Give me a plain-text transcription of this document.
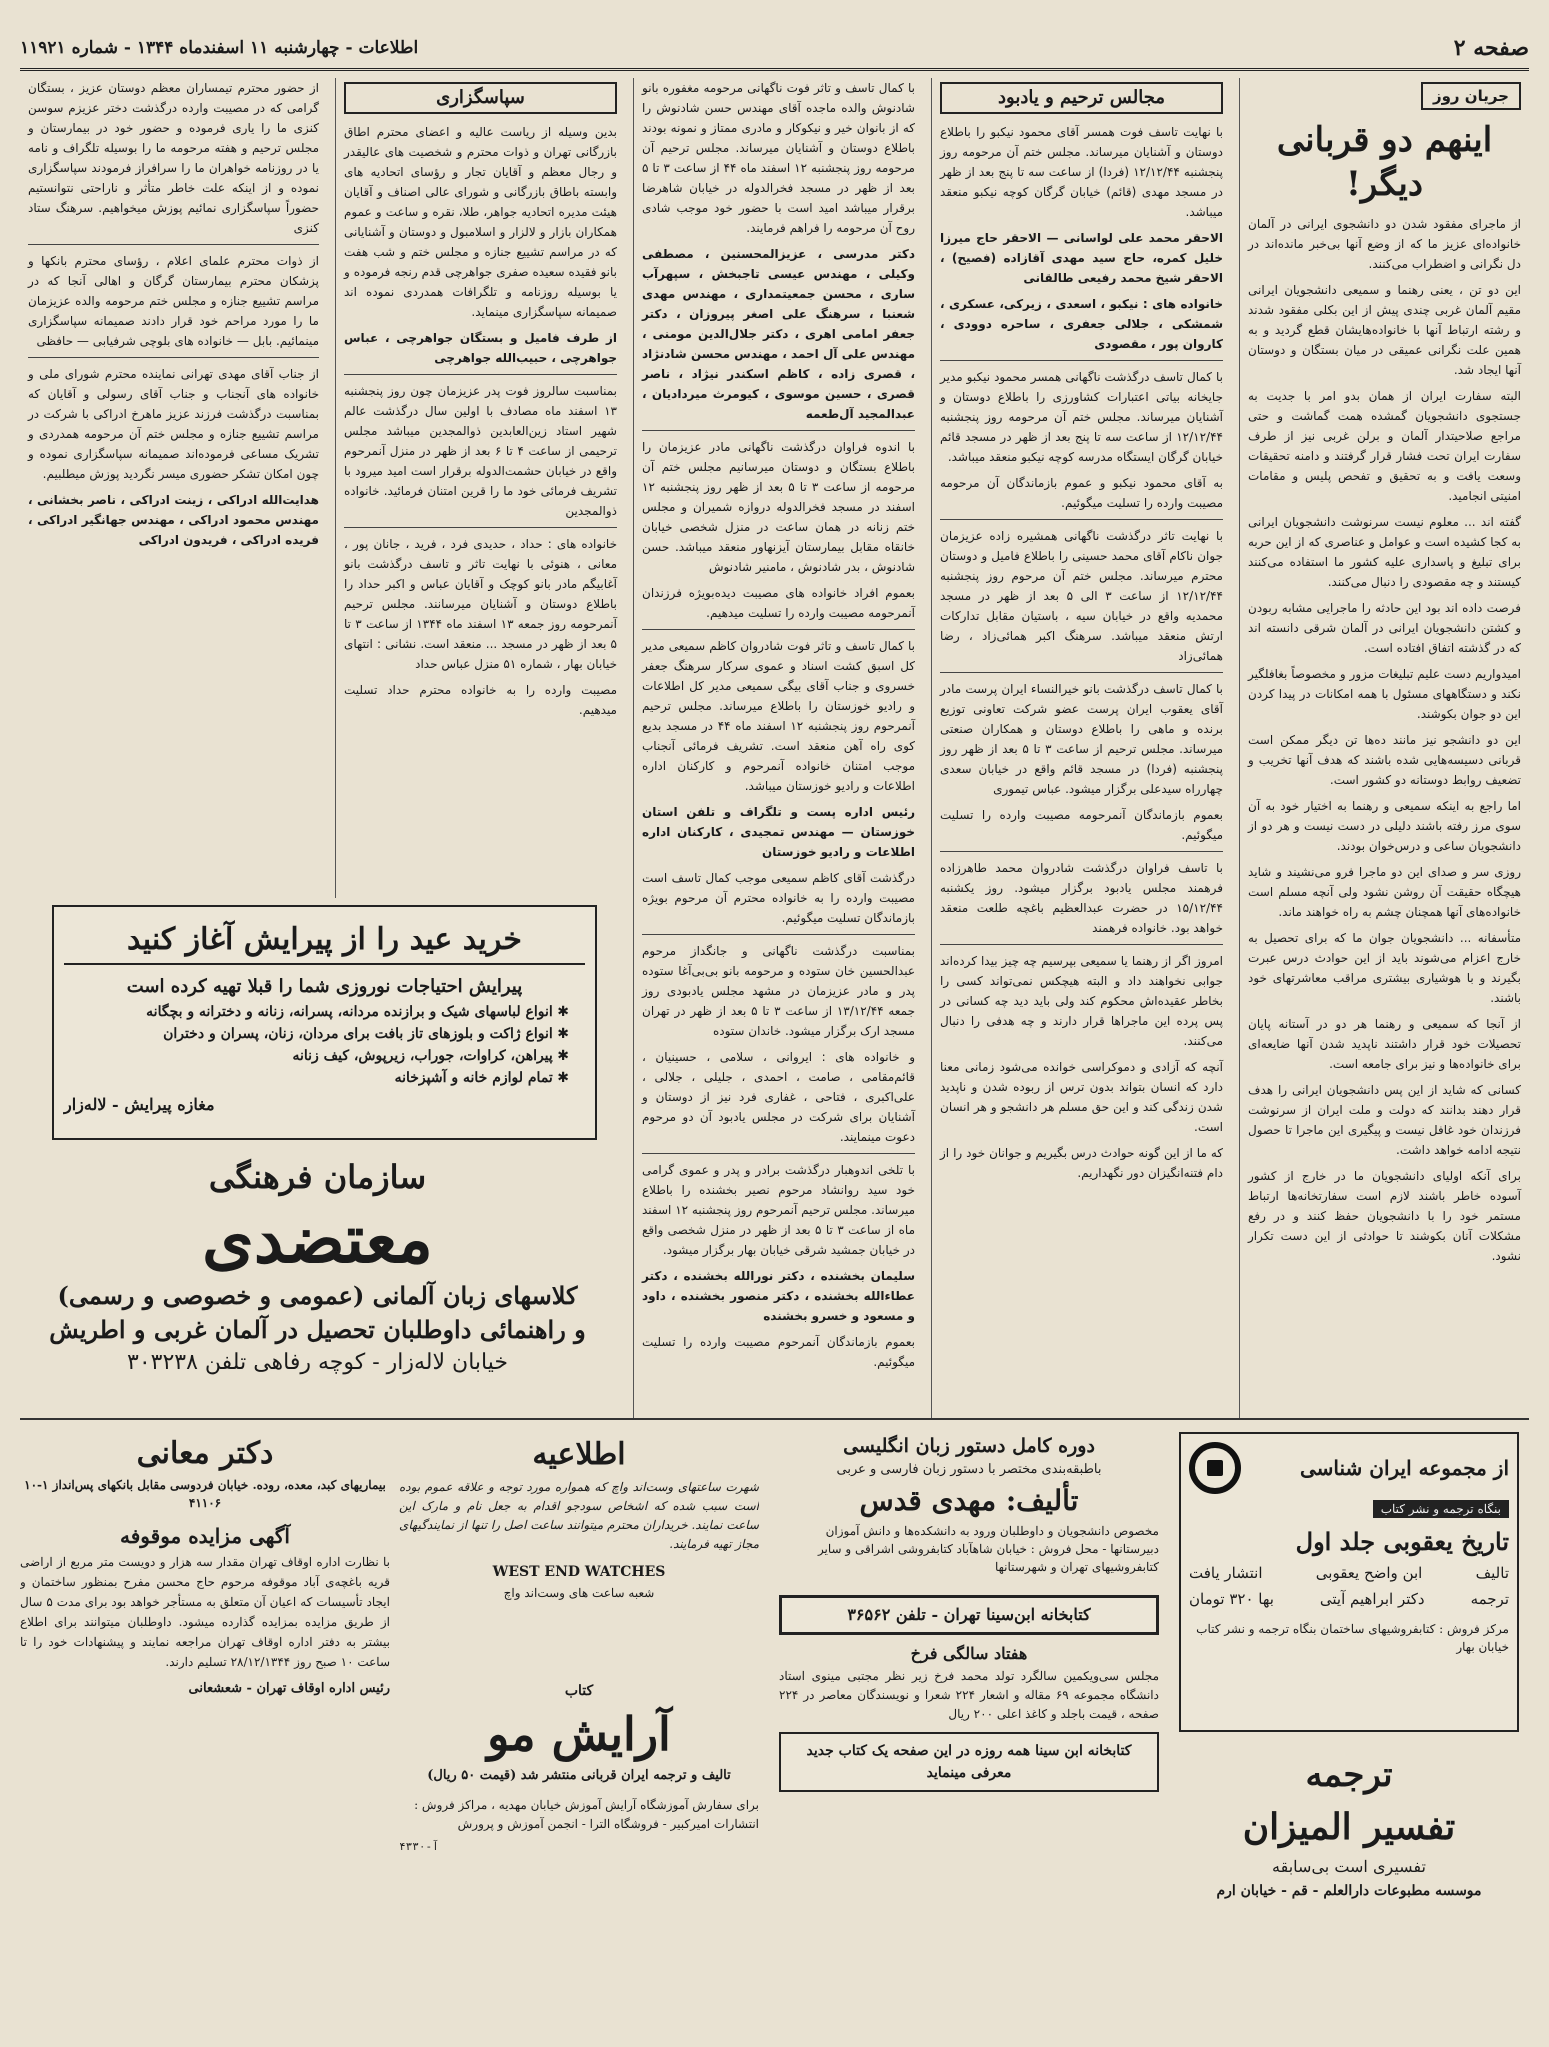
صفحه ۲
اطلاعات - چهارشنبه ۱۱ اسفندماه ۱۳۴۴ - شماره ۱۱۹۲۱
جریان روز
اینهم دو قربانی دیگر!

از ماجرای مفقود شدن دو دانشجوی ایرانی در آلمان خانواده‌ای عزیز ما که از وضع آنها بی‌خبر مانده‌اند در دل نگرانی و اضطراب می‌کنند.

این دو تن ، یعنی رهنما و سمیعی دانشجویان ایرانی مقیم آلمان غربی چندی پیش از این بکلی مفقود شدند و رشته ارتباط آنها با خانواده‌هایشان قطع گردید و به همین علت نگرانی عمیقی در میان بستگان و دوستان آنها ایجاد شد.

البته سفارت ایران از همان بدو امر با جدیت به جستجوی دانشجویان گمشده همت گماشت و حتی مراجع صلاحیتدار آلمان و برلن غربی نیز از طرف سفارت ایران تحت فشار قرار گرفتند و دامنه تحقیقات وسعت یافت و به تحقیق و تفحص پلیس و مقامات امنیتی انجامید.

گفته اند ... معلوم نیست سرنوشت دانشجویان ایرانی به کجا کشیده است و عوامل و عناصری که از این حربه برای تبلیغ و پاسداری علیه کشور ما استفاده می‌کنند کیستند و چه مقصودی را دنبال می‌کنند.

فرصت داده اند بود این حادثه را ماجرایی مشابه ربودن و کشتن دانشجویان ایرانی در آلمان شرقی دانسته اند که در گذشته اتفاق افتاده است.

امیدواریم دست علیم تبلیغات مزور و مخصوصاً بغافلگیر نکند و دستگاههای مسئول با همه امکانات در پیدا کردن این دو جوان بکوشند.

این دو دانشجو نیز مانند ده‌ها تن دیگر ممکن است قربانی دسیسه‌هایی شده باشند که هدف آنها تخریب و تضعیف روابط دوستانه دو کشور است.

اما راجع به اینکه سمیعی و رهنما به اختیار خود به آن سوی مرز رفته باشند دلیلی در دست نیست و هر دو از دانشجویان ساعی و درس‌خوان بودند.

روزی سر و صدای این دو ماجرا فرو می‌نشیند و شاید هیچگاه حقیقت آن روشن نشود ولی آنچه مسلم است خانواده‌های آنها همچنان چشم به راه خواهند ماند.

متأسفانه ... دانشجویان جوان ما که برای تحصیل به خارج اعزام می‌شوند باید از این حوادث درس عبرت بگیرند و با هوشیاری بیشتری مراقب معاشرتهای خود باشند.

از آنجا که سمیعی و رهنما هر دو در آستانه پایان تحصیلات خود قرار داشتند ناپدید شدن آنها ضایعه‌ای برای خانواده‌ها و نیز برای جامعه است.

کسانی که شاید از این پس دانشجویان ایرانی را هدف قرار دهند بدانند که دولت و ملت ایران از سرنوشت فرزندان خود غافل نیست و پیگیری این ماجرا تا حصول نتیجه ادامه خواهد داشت.

برای آنکه اولیای دانشجویان ما در خارج از کشور آسوده خاطر باشند لازم است سفارتخانه‌ها ارتباط مستمر خود را با دانشجویان حفظ کنند و در رفع مشکلات آنان بکوشند تا حوادثی از این دست تکرار نشود.

مجالس ترحیم و یادبود

با نهایت تاسف فوت همسر آقای محمود نیکبو را باطلاع دوستان و آشنایان میرساند. مجلس ختم آن مرحومه روز پنجشنبه ۱۲/۱۲/۴۴ (فردا) از ساعت سه تا پنج بعد از ظهر در مسجد مهدی (قائم) خیابان گرگان کوچه نیکبو منعقد میباشد.

الاحقر محمد علی لواسانی — الاحقر حاج میرزا خلیل کمره، حاج سید مهدی آقازاده (فصیح) ، الاحقر شیخ محمد رفیعی طالقانی

خانواده های : نیکبو ، اسعدی ، زیرکی، عسکری ، شمشکی ، جلالی جعفری ، ساحره دوودی ، کاروان پور ، مقصودی

با کمال تاسف درگذشت ناگهانی همسر محمود نیکبو مدیر جایخانه بیاتی اعتبارات کشاورزی را باطلاع دوستان و آشنایان میرساند. مجلس ختم آن مرحومه روز پنجشنبه ۱۲/۱۲/۴۴ از ساعت سه تا پنج بعد از ظهر در مسجد قائم خیابان گرگان ایستگاه مدرسه کوچه نیکبو منعقد میباشد.

به آقای محمود نیکبو و عموم بازماندگان آن مرحومه مصیبت وارده را تسلیت میگوئیم.

با نهایت تاثر درگذشت ناگهانی همشیره زاده عزیزمان جوان ناکام آقای محمد حسینی را باطلاع فامیل و دوستان محترم میرساند. مجلس ختم آن مرحوم روز پنجشنبه ۱۲/۱۲/۴۴ از ساعت ۳ الی ۵ بعد از ظهر در مسجد محمدیه واقع در خیابان سیه ، باستیان مقابل تدارکات ارتش منعقد میباشد. سرهنگ اکبر همائی‌زاد ، رضا همائی‌زاد

با کمال تاسف درگذشت بانو خیرالنساء ایران پرست مادر آقای یعقوب ایران پرست عضو شرکت تعاونی توزیع برنده و ماهی را باطلاع دوستان و همکاران صنعتی میرساند. مجلس ترحیم از ساعت ۳ تا ۵ بعد از ظهر روز پنجشنبه (فردا) در مسجد قائم واقع در خیابان سعدی چهارراه سیدعلی برگزار میشود. عباس تیموری

بعموم بازماندگان آنمرحومه مصیبت وارده را تسلیت میگوئیم.

با تاسف فراوان درگذشت شادروان محمد طاهرزاده فرهمند مجلس یادبود برگزار میشود. روز یکشنبه ۱۵/۱۲/۴۴ در حضرت عبدالعظیم باغچه طلعت منعقد خواهد بود. خانواده فرهمند

امروز اگر از رهنما یا سمیعی بپرسیم چه چیز بیدا کرده‌اند جوابی نخواهند داد و البته هیچکس نمی‌تواند کسی را بخاطر عقیده‌اش محکوم کند ولی باید دید چه کسانی در پس پرده این ماجراها قرار دارند و چه هدفی را دنبال می‌کنند.

آنچه که آزادی و دموکراسی خوانده می‌شود زمانی معنا دارد که انسان بتواند بدون ترس از ربوده شدن و ناپدید شدن زندگی کند و این حق مسلم هر دانشجو و هر انسان است.

که ما از این گونه حوادث درس بگیریم و جوانان خود را از دام فتنه‌انگیزان دور نگهداریم.

با کمال تاسف و تاثر فوت ناگهانی مرحومه مغفوره بانو شادنوش والده ماجده آقای مهندس حسن شادنوش را که از بانوان خیر و نیکوکار و مادری ممتاز و نمونه بودند باطلاع دوستان و آشنایان میرساند. مجلس ترحیم آن مرحومه روز پنجشنبه ۱۲ اسفند ماه ۴۴ از ساعت ۳ تا ۵ بعد از ظهر در مسجد فخرالدوله در خیابان شاهرضا برقرار میباشد امید است با حضور خود موجب شادی روح آن مرحومه را فراهم فرمایند.

دکتر مدرسی ، عزیزالمحسنین ، مصطفی وکیلی ، مهندس عیسی تاجبخش ، سپهرآب ساری ، محسن جمعیتمداری ، مهندس مهدی شعنبا ، سرهنگ علی اصغر پیروزان ، دکتر جعفر امامی اهری ، دکتر جلال‌الدین مومنی ، مهندس علی آل احمد ، مهندس محسن شادنژاد ، قصری زاده ، کاظم اسکندر نیژاد ، ناصر قصری ، حسین موسوی ، کیومرث میردادیان ، عبدالمجید آل‌طعمه

با اندوه فراوان درگذشت ناگهانی مادر عزیزمان را باطلاع بستگان و دوستان میرسانیم مجلس ختم آن مرحومه از ساعت ۳ تا ۵ بعد از ظهر روز پنجشنبه ۱۲ اسفند در مسجد فخرالدوله دروازه شمیران و مجلس ختم زنانه در همان ساعت در منزل شخصی خیابان خانقاه مقابل بیمارستان آیزنهاور منعقد میباشد. حسن شادنوش ، بدر شادنوش ، مامنیر شادنوش

بعموم افراد خانواده های مصیبت دیده‌بویژه فرزندان آنمرحومه مصیبت وارده را تسلیت میدهیم.

با کمال تاسف و تاثر فوت شادروان کاظم سمیعی مدیر کل اسبق کشت اسناد و عموی سرکار سرهنگ جعفر خسروی و جناب آقای بیگی سمیعی مدیر کل اطلاعات و رادیو خوزستان را باطلاع میرساند. مجلس ترحیم آنمرحوم روز پنجشنبه ۱۲ اسفند ماه ۴۴ در مسجد بدیع کوی راه آهن منعقد است. تشریف فرمائی آنجناب موجب امتنان خانواده آنمرحوم و کارکنان اداره اطلاعات و رادیو خوزستان میباشد.

رئیس اداره پست و تلگراف و تلفن استان خوزستان — مهندس تمجیدی ، کارکنان اداره اطلاعات و رادیو خوزستان

درگذشت آقای کاظم سمیعی موجب کمال تاسف است مصیبت وارده را به خانواده محترم آن مرحوم بویژه بازماندگان تسلیت میگوئیم.

بمناسبت درگذشت ناگهانی و جانگداز مرحوم عبدالحسین خان ستوده و مرحومه بانو بی‌بی‌آغا ستوده پدر و مادر عزیزمان در مشهد مجلس یادبودی روز جمعه ۱۳/۱۲/۴۴ از ساعت ۳ تا ۵ بعد از ظهر در تهران مسجد ارک برگزار میشود. خاندان ستوده

و خانواده های : ایروانی ، سلامی ، حسینیان ، قائم‌مقامی ، صامت ، احمدی ، جلیلی ، جلالی ، علی‌اکبری ، فتاحی ، غفاری فرد نیز از دوستان و آشنایان برای شرکت در مجلس یادبود آن دو مرحوم دعوت مینمایند.

با تلخی اندوهبار درگذشت برادر و پدر و عموی گرامی خود سید روانشاد مرحوم نصیر بخشنده را باطلاع میرساند. مجلس ترحیم آنمرحوم روز پنجشنبه ۱۲ اسفند ماه از ساعت ۳ تا ۵ بعد از ظهر در منزل شخصی واقع در خیابان جمشید شرقی خیابان بهار برگزار میشود.

سلیمان بخشنده ، دکتر نورالله بخشنده ، دکتر عطاءالله بخشنده ، دکتر منصور بخشنده ، داود و مسعود و خسرو بخشنده

بعموم بازماندگان آنمرحوم مصیبت وارده را تسلیت میگوئیم.

سپاسگزاری

بدین وسیله از ریاست عالیه و اعضای محترم اطاق بازرگانی تهران و ذوات محترم و شخصیت های عالیقدر و رجال معظم و آقایان تجار و رؤسای اتحادیه های وابسته باطاق بازرگانی و شورای عالی اصناف و آقایان هیئت مدیره اتحادیه جواهر، طلا، نقره و ساعت و عموم همکاران بازار و لالزار و اسلامبول و دوستان و آشنایانی که در مراسم تشییع جنازه و مجلس ختم و شب هفت بانو فقیده سعیده صفری جواهرچی قدم رنجه فرموده و یا بوسیله روزنامه و تلگرافات همدردی نموده اند صمیمانه سپاسگزاری مینماید.

از طرف فامیل و بستگان جواهرچی ، عباس جواهرچی ، حبیب‌الله جواهرچی

بمناسبت سالروز فوت پدر عزیزمان چون روز پنجشنبه ۱۳ اسفند ماه مصادف با اولین سال درگذشت عالم شهیر استاد زین‌العابدین ذوالمجدین میباشد مجلس ترحیمی از ساعت ۴ تا ۶ بعد از ظهر در منزل آنمرحوم واقع در خیابان حشمت‌الدوله برقرار است امید میرود با تشریف فرمائی خود ما را قرین امتنان فرمائید. خانواده ذوالمجدین

خانواده های : حداد ، حدیدی فرد ، فرید ، جانان پور ، معانی ، هنوئی با نهایت تاثر و تاسف درگذشت بانو آغابیگم مادر بانو کوچک و آقایان عباس و اکبر حداد را باطلاع دوستان و آشنایان میرسانند. مجلس ترحیم آنمرحومه روز جمعه ۱۳ اسفند ماه ۱۳۴۴ از ساعت ۳ تا ۵ بعد از ظهر در مسجد ... منعقد است. نشانی : انتهای خیابان بهار ، شماره ۵۱ منزل عباس حداد

مصیبت وارده را به خانواده محترم حداد تسلیت میدهیم.

از حضور محترم تیمساران معظم دوستان عزیز ، بستگان گرامی که در مصیبت وارده درگذشت دختر عزیزم سوسن کنزی ما را یاری فرموده و حضور خود در بیمارستان و مجلس ترحیم و هفته مرحومه ما را بوسیله تلگراف و نامه یا در روزنامه خواهران ما را سرافراز فرمودند سپاسگزاری نموده و از اینکه علت خاطر متأثر و ناراحتی نتوانستیم حضوراً سپاسگزاری نمائیم پوزش میخواهیم. سرهنگ ستاد کنزی

از ذوات محترم علمای اعلام ، رؤسای محترم بانکها و پزشکان محترم بیمارستان گرگان و اهالی آنجا که در مراسم تشییع جنازه و مجلس ختم مرحومه والده عزیزمان ما را مورد مراحم خود قرار دادند صمیمانه سپاسگزاری مینمائیم. بابل — خانواده های بلوچی شرفیابی — حافظی

از جناب آقای مهدی تهرانی نماینده محترم شورای ملی و خانواده های آنجناب و جناب آقای رسولی و آقایان که بمناسبت درگذشت فرزند عزیز ماهرخ ادراکی با شرکت در مراسم تشییع جنازه و مجلس ختم آن مرحومه همدردی و تشریک مساعی فرموده‌اند صمیمانه سپاسگزاری نموده و چون امکان تشکر حضوری میسر نگردید پوزش میطلبیم.

هدایت‌الله ادراکی ، زینت ادراکی ، ناصر بخشانی ، مهندس محمود ادراکی ، مهندس جهانگیر ادراکی ، فریده ادراکی ، فریدون ادراکی

خرید عید را از پیرایش آغاز کنید
پیرایش احتیاجات نوروزی شما را قبلا تهیه کرده است
✱ انواع لباسهای شیک و برازنده مردانه، پسرانه، زنانه و دخترانه و بچگانه
✱ انواع ژاکت و بلوزهای تاز بافت برای مردان، زنان، پسران و دختران
✱ پیراهن، کراوات، جوراب، زیرپوش، کیف زنانه
✱ تمام لوازم خانه و آشپزخانه
مغازه پیرایش - لاله‌زار
سازمان فرهنگی
معتضدی
کلاسهای زبان آلمانی (عمومی و خصوصی و رسمی)
و راهنمائی داوطلبان تحصیل در آلمان غربی و اطریش
خیابان لاله‌زار - کوچه رفاهی تلفن ۳۰۳۲۳۸
از مجموعه ایران شناسی
بنگاه ترجمه و نشر کتاب
تاریخ یعقوبی جلد اول
تالیف
ابن واضح یعقوبی
انتشار یافت
ترجمه
دکتر ابراهیم آیتی
بها ۳۲۰ تومان
مرکز فروش : کتابفروشیهای ساختمان بنگاه ترجمه و نشر کتاب خیابان بهار
ترجمه
تفسیر المیزان
تفسیری است بی‌سابقه
موسسه مطبوعات دارالعلم - قم - خیابان ارم
دوره کامل دستور زبان انگلیسی
باطبقه‌بندی مختصر با دستور زبان فارسی و عربی
تألیف: مهدی قدس
مخصوص دانشجویان و داوطلبان ورود به دانشکده‌ها و دانش آموزان دبیرستانها - محل فروش : خیابان شاهآباد کتابفروشی اشراقی و سایر کتابفروشیهای تهران و شهرستانها
کتابخانه ابن‌سینا تهران - تلفن ۳۶۵۶۲
هفتاد سالگی فرخ
مجلس سی‌ویکمین سالگرد تولد محمد فرخ زیر نظر مجتبی مینوی استاد دانشگاه مجموعه ۶۹ مقاله و اشعار ۲۲۴ شعرا و نویسندگان معاصر در ۲۲۴ صفحه ، قیمت باجلد و کاغذ اعلی ۲۰۰ ریال
کتابخانه ابن سینا همه روزه در این صفحه یک کتاب جدید معرفی مینماید
اطلاعیه
شهرت ساعتهای وست‌اند واچ که همواره مورد توجه و علاقه عموم بوده است سبب شده که اشخاص سودجو اقدام به جعل نام و مارک این ساعت نمایند. خریداران محترم میتوانند ساعت اصل را تنها از نمایندگیهای مجاز تهیه فرمایند.
WEST END WATCHES
شعبه ساعت های وست‌اند واچ
کتاب
آرایش مو
تالیف و ترجمه ایران قربانی منتشر شد (قیمت ۵۰ ریال)
برای سفارش آموزشگاه آرایش آموزش خیابان مهدیه ، مراکز فروش : انتشارات امیرکبیر - فروشگاه الترا - انجمن آموزش و پرورش
آ-۴۳۳۰
دکتر معانی
بیماریهای کبد، معده، روده. خیابان فردوسی مقابل بانکهای پس‌انداز ۱-۱۰ ۴۱۱۰۶
آگهی مزایده موقوفه
با نظارت اداره اوقاف تهران مقدار سه هزار و دویست متر مربع از اراضی قریه باغچه‌ی آباد موقوفه مرحوم حاج محسن مفرح بمنظور ساختمان و ایجاد تأسیسات که اعیان آن متعلق به مستأجر خواهد بود برای مدت ۵ سال از طریق مزایده بمزایده گذارده میشود. داوطلبان میتوانند برای اطلاع بیشتر به دفتر اداره اوقاف تهران مراجعه نمایند و پیشنهادات خود را تا ساعت ۱۰ صبح روز ۲۸/۱۲/۱۳۴۴ تسلیم دارند.
رئیس اداره اوقاف تهران - شعشعانی
